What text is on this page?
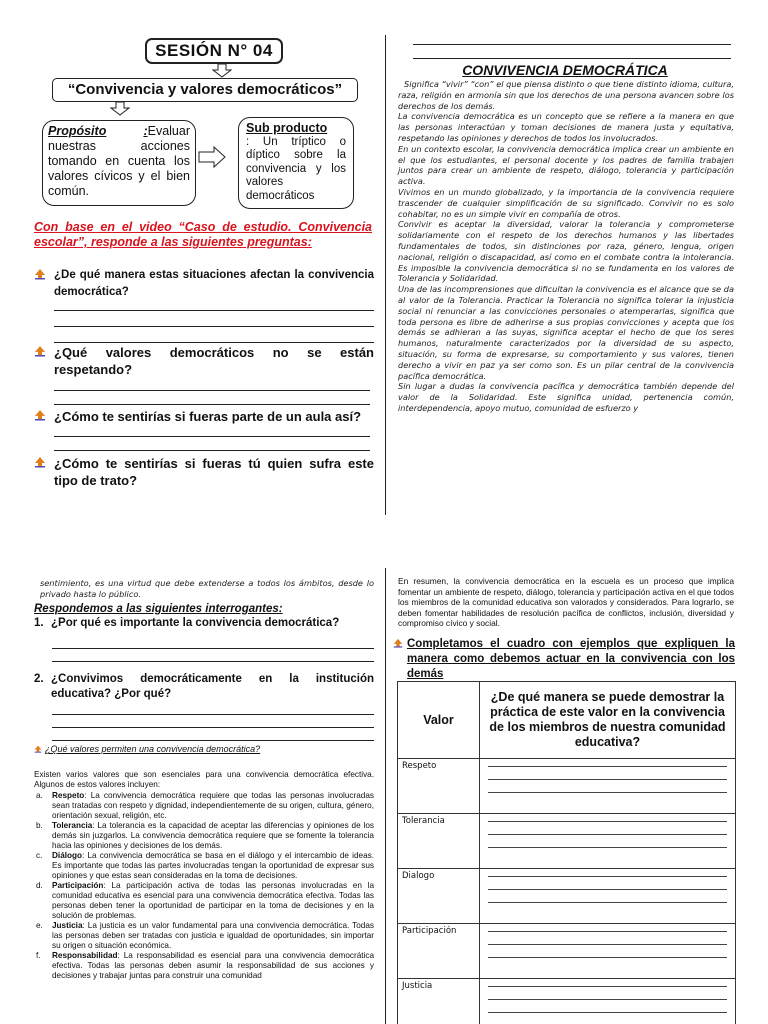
SESIÓN N° 04
“Convivencia y valores democráticos”
Propósito	:Evaluar nuestras acciones tomando en cuenta los valores cívicos y el bien común.
Sub producto
: Un tríptico o díptico sobre la convivencia y los valores democráticos
Con base en el video “Caso de estudio. Convivencia escolar”, responde a las siguientes preguntas:
¿De qué manera estas situaciones afectan la convivencia democrática?
¿Qué valores democráticos no se están respetando?
¿Cómo te sentirías si fueras parte de un aula así?
¿Cómo te sentirías si fueras tú quien sufra este tipo de trato?
CONVIVENCIA DEMOCRÁTICA

Significa “vivir” “con” el que piensa distinto o que tiene distinto idioma, cultura, raza, religión en armonía sin que los derechos de una persona avancen sobre los derechos de los demás.

La convivencia democrática es un concepto que se refiere a la manera en que las personas interactúan y toman decisiones de manera justa y equitativa, respetando las opiniones y derechos de todos los involucrados.

En un contexto escolar, la convivencia democrática implica crear un ambiente en el que los estudiantes, el personal docente y los padres de familia trabajen juntos para crear un ambiente de respeto, diálogo, tolerancia y participación activa.

Vivimos en un mundo globalizado, y la importancia de la convivencia requiere trascender de cualquier simplificación de su significado. Convivir no es solo cohabitar, no es un simple vivir en compañía de otros.

Convivir es aceptar la diversidad, valorar la tolerancia y comprometerse solidariamente con el respeto de los derechos humanos y las libertades fundamentales de todos, sin distinciones por raza, género, lengua, origen nacional, religión o discapacidad, así como en el combate contra la intolerancia. Es imposible la convivencia democrática si no se fundamenta en los valores de Tolerancia y Solidaridad.

Una de las incomprensiones que dificultan la convivencia es el alcance que se da al valor de la Tolerancia. Practicar la Tolerancia no significa tolerar la injusticia social ni renunciar a las convicciones personales o atemperarlas, significa que toda persona es libre de adherirse a sus propias convicciones y acepta que los demás se adhieran a las suyas, significa aceptar el hecho de que los seres humanos, naturalmente caracterizados por la diversidad de su aspecto, situación, su forma de expresarse, su comportamiento y sus valores, tienen derecho a vivir en paz ya ser como son. Es un pilar central de la convivencia pacífica democrática.

Sin lugar a dudas la convivencia pacífica y democrática también depende del valor de la Solidaridad. Este significa unidad, pertenencia común, interdependencia, apoyo mutuo, comunidad de esfuerzo y

sentimiento, es una virtud que debe extenderse a todos los ámbitos, desde lo privado hasta lo público.
Respondemos a las siguientes interrogantes:
1. ¿Por qué es importante la convivencia democrática?
2. ¿Convivimos democráticamente en la institución educativa? ¿Por qué?
¿Qué valores permiten una convivencia democrática?
Existen varios valores que son esenciales para una convivencia democrática efectiva. Algunos de estos valores incluyen:
a. Respeto: La convivencia democrática requiere que todas las personas involucradas sean tratadas con respeto y dignidad, independientemente de su origen, cultura, género, orientación sexual, religión, etc.
b. Tolerancia: La tolerancia es la capacidad de aceptar las diferencias y opiniones de los demás sin juzgarlos. La convivencia democrática requiere que se fomente la tolerancia hacia las opiniones y decisiones de los demás.
c. Diálogo: La convivencia democrática se basa en el diálogo y el intercambio de ideas. Es importante que todas las partes involucradas tengan la oportunidad de expresar sus opiniones y que estas sean consideradas en la toma de decisiones.
d. Participación: La participación activa de todas las personas involucradas en la comunidad educativa es esencial para una convivencia democrática efectiva. Todas las personas deben tener la oportunidad de participar en la toma de decisiones y en la solución de problemas.
e. Justicia: La justicia es un valor fundamental para una convivencia democrática. Todas las personas deben ser tratadas con justicia e igualdad de oportunidades, sin importar su origen o situación económica.
f. Responsabilidad: La responsabilidad es esencial para una convivencia democrática efectiva. Todas las personas deben asumir la responsabilidad de sus acciones y decisiones y trabajar juntas para construir una comunidad
En resumen, la convivencia democrática en la escuela es un proceso que implica fomentar un ambiente de respeto, diálogo, tolerancia y participación activa en el que todos los miembros de la comunidad educativa son valorados y considerados. Para lograrlo, se deben fomentar habilidades de resolución pacífica de conflictos, inclusión, diversidad y compromiso cívico y social.
Completamos el cuadro con ejemplos que expliquen la manera como debemos actuar en la convivencia con los demás
Valor	¿De qué manera se puede demostrar la práctica de este valor en la convivencia de los miembros de nuestra comunidad educativa?
Respeto	

Tolerancia	

Dialogo	

Participación	

Justicia	
